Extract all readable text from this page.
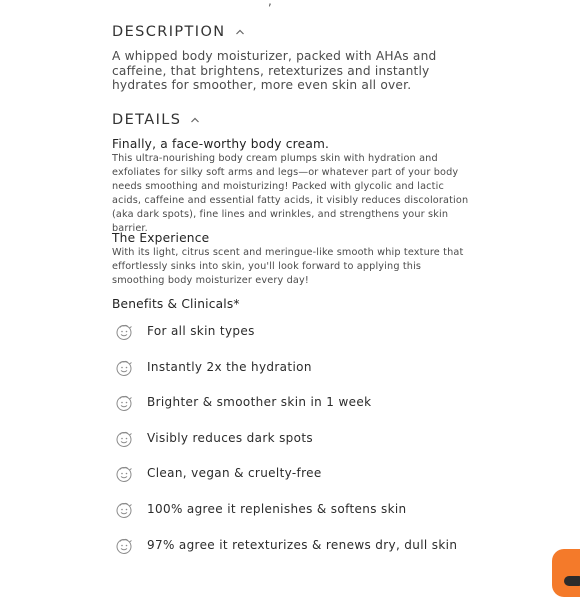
,
DESCRIPTION
A whipped body moisturizer, packed with AHAs and caffeine, that brightens, retexturizes and instantly hydrates for smoother, more even skin all over.
DETAILS
Finally, a face-worthy body cream.
This ultra-nourishing body cream plumps skin with hydration and exfoliates for silky soft arms and legs—or whatever part of your body needs smoothing and moisturizing! Packed with glycolic and lactic acids, caffeine and essential fatty acids, it visibly reduces discoloration (aka dark spots), fine lines and wrinkles, and strengthens your skin barrier.
The Experience
With its light, citrus scent and meringue-like smooth whip texture that effortlessly sinks into skin, you'll look forward to applying this smoothing body moisturizer every day!
Benefits & Clinicals*
For all skin types
Instantly 2x the hydration
Brighter & smoother skin in 1 week
Visibly reduces dark spots
Clean, vegan & cruelty-free
100% agree it replenishes & softens skin
97% agree it retexturizes & renews dry, dull skin
